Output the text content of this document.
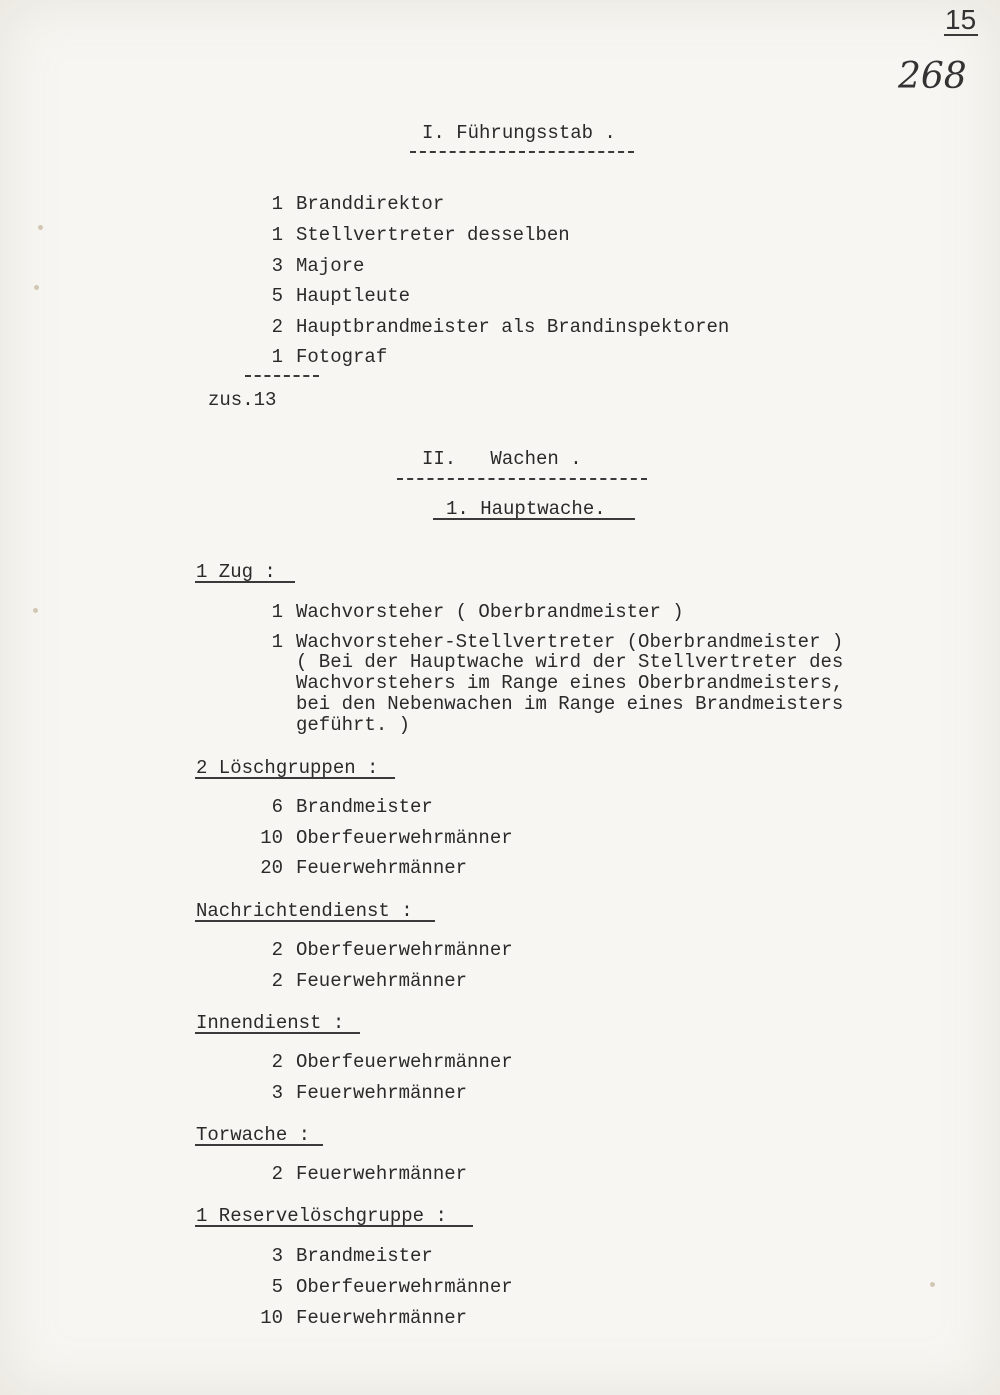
15
268
I. Führungsstab .
1 Branddirektor
1 Stellvertreter desselben
3 Majore
5 Hauptleute
2 Hauptbrandmeister als Brandinspektoren
1 Fotograf
zus.13
II.   Wachen .
1. Hauptwache.
1 Zug :
1 Wachvorsteher ( Oberbrandmeister )
1 Wachvorsteher-Stellvertreter (Oberbrandmeister )
( Bei der Hauptwache wird der Stellvertreter des
Wachvorstehers im Range eines Oberbrandmeisters,
bei den Nebenwachen im Range eines Brandmeisters
geführt. )
2 Löschgruppen :
6 Brandmeister
10 Oberfeuerwehrmänner
20 Feuerwehrmänner
Nachrichtendienst :
2 Oberfeuerwehrmänner
2 Feuerwehrmänner
Innendienst :
2 Oberfeuerwehrmänner
3 Feuerwehrmänner
Torwache :
2 Feuerwehrmänner
1 Reservelöschgruppe :
3 Brandmeister
5 Oberfeuerwehrmänner
10 Feuerwehrmänner
